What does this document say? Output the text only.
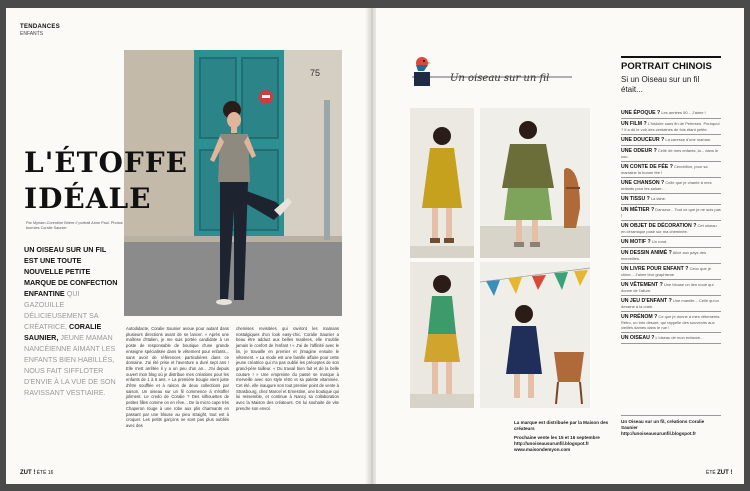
TENDANCES
ENFANTS
75
L'ÉTOFFE
IDÉALE
Par Myriam-Corentine Brière // portrait Anne Paul. Photos fournies Coralie Saunier
UN OISEAU SUR UN FIL EST UNE TOUTE NOUVELLE PETITE MARQUE DE CONFECTION ENFANTINE QUI GAZOUILLE DÉLICIEUSEMENT SA CRÉATRICE, CORALIE SAUNIER, JEUNE MAMAN NANCÉIENNE AIMANT LES ENFANTS BIEN HABILLÉS, NOUS FAIT SIFFLOTER D'ENVIE À LA VUE DE SON RAVISSANT VESTIAIRE.
Autodidacte, Coralie Saunier avoue pour autant dans plusieurs directions avant de se lancer. « Après une maîtrise d'Italien, je me suis portée candidate à un poste de responsable de boutique d'une grande enseigne spécialisée dans le vêtement pour enfants... sans avoir de références particulières dans ce domaine. J'ai été prise et l'aventure a duré sept ans ! Elle s'est arrêtée il y a un peu d'un an... J'ai depuis ouvert mon blog où je distribue mes créations pour les enfants de 1 à 6 ans. » La première bougie vient juste d'être soufflée et à raison de deux collections par saison, Un oiseau sur un fil commence à s'étoffer joliment. Le credo de Coralie ? Des silhouettes de petites filles comme on en rêve... De la micro cape très Chaperon rouge à une robe aux plis charmants en passant par une blouse au pieu straight, tout est à croquer. Les petits garçons ne sont pas plus oubliés avec des
chemises revisitées qui raviront les mamans nostalgiques d'un look easy-chic. Coralie Saunier a beau être adduct aux belles matières, elle n'oublie jamais le confort de l'enfant ! « J'ai de l'affinité avec le lin, je travaille en premier et j'imagine ensuite le vêtement. » La mode est une famille affaire pour cette jeune créatrice qui n'a pas oublié les préceptes de son grand-père tailleur. « Du travail bien fait et de la belle couture ! » Une empreinte du passé se marque à merveille avec son style rétro et sa palette vitaminée. Cet été, elle inaugure son tout premier point de vente à Strasbourg, chez Marcel et Ernestine, une boutique qui lui ressemble, et continue à Nancy sa collaboration avec la Maison des créateurs. On lui souhaite de vite prendre son envol.
ZUT ! ÉTÉ 16
Un oiseau sur un fil
PORTRAIT CHINOIS
Si un Oiseau sur un fil était...
UNE ÉPOQUE ? Les années 50... J'aime !
UN FILM ? L'histoire sans fin de Petersen. Pourquoi ? Il a dû le voir des centaines de fois étant petite.
UNE DOUCEUR ? La caresse d'une maman.
UNE ODEUR ? Celle de mes enfants, la... dans le cou.
UN CONTE DE FÉE ? Cendrillon, pour sa marraine la bonne fée !
UNE CHANSON ? Celle que je chante à mes enfants pour les saluer...
UN TISSU ? La laine.
UN MÉTIER ? Danseur... Tout ce que je ne suis pas !
UN OBJET DE DÉCORATION ? Cet oiseau en céramique posé sur ma cheminée.
UN MOTIF ? Un rond.
UN DESSIN ANIMÉ ? Alice aux pays des merveilles.
UN LIVRE POUR ENFANT ? Ceux que je chine... J'aime leur graphisme.
UN VÊTEMENT ? Une blouse un lien noué qui donne de l'allure.
UN JEU D'ENFANT ? Une marelle... Celle qu'on dessine à la craie.
UN PRÉNOM ? Ce que je donne à mes vêtements. Rétro, un brin désuet, qui rappelle des souvenirs aux vieilles dames dans le rue !
UN OISEAU ? L'oiseau de mon enfance...
La marque est distribuée par la Maison des créateurs
Prochaine vente les 15 et 16 septembre
http://unoiseausurunfil.blogspot.fr
www.maisondemyon.com
Un Oiseau sur un fil, créations Coralie Saunier
http://unoiseausurunfil.blogspot.fr
ÉTÉ ZUT !
